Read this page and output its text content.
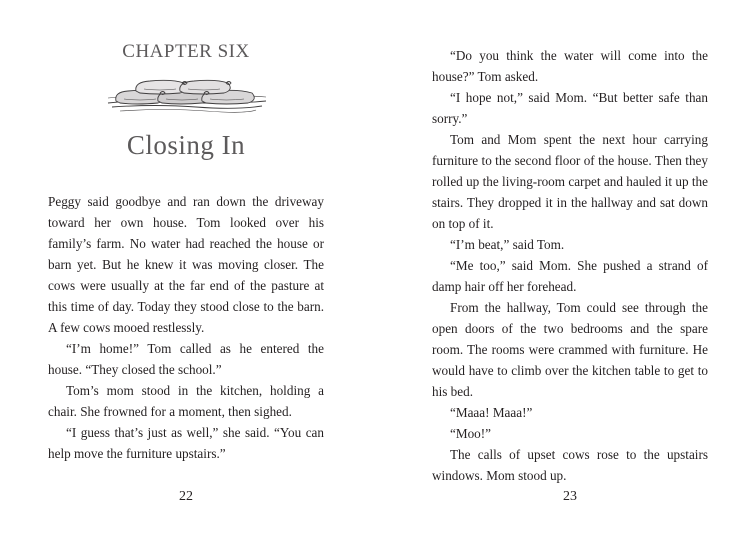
CHAPTER SIX
Closing In

Peggy said goodbye and ran down the driveway toward her own house. Tom looked over his family’s farm. No water had reached the house or barn yet. But he knew it was moving closer. The cows were usually at the far end of the pasture at this time of day. Today they stood close to the barn. A few cows mooed restlessly.

“I’m home!” Tom called as he entered the house. “They closed the school.”

Tom’s mom stood in the kitchen, holding a chair. She frowned for a moment, then sighed.

“I guess that’s just as well,” she said. “You can help move the furniture upstairs.”

22

“Do you think the water will come into the house?” Tom asked.

“I hope not,” said Mom. “But better safe than sorry.”

Tom and Mom spent the next hour carrying furniture to the second floor of the house. Then they rolled up the living-room carpet and hauled it up the stairs. They dropped it in the hallway and sat down on top of it.

“I’m beat,” said Tom.

“Me too,” said Mom. She pushed a strand of damp hair off her forehead.

From the hallway, Tom could see through the open doors of the two bedrooms and the spare room. The rooms were crammed with furniture. He would have to climb over the kitchen table to get to his bed.

“Maaa! Maaa!”

“Moo!”

The calls of upset cows rose to the upstairs windows. Mom stood up.

23
